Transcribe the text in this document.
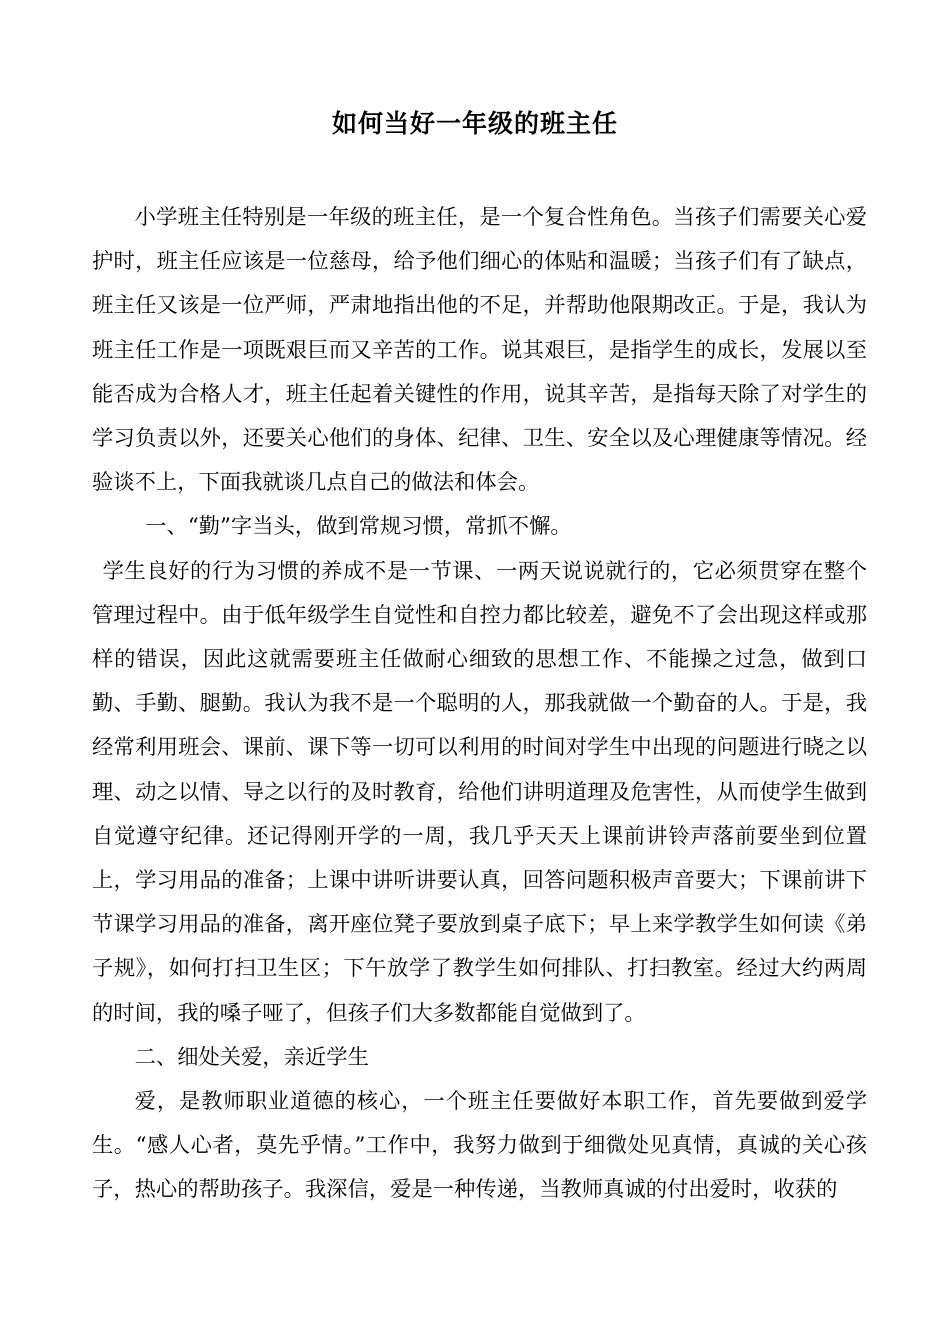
如何当好一年级的班主任

小学班主任特别是一年级的班主任，是一个复合性角色。当孩子们需要关心爱护时，班主任应该是一位慈母，给予他们细心的体贴和温暖；当孩子们有了缺点，班主任又该是一位严师，严肃地指出他的不足，并帮助他限期改正。于是，我认为班主任工作是一项既艰巨而又辛苦的工作。说其艰巨，是指学生的成长，发展以至能否成为合格人才，班主任起着关键性的作用，说其辛苦，是指每天除了对学生的学习负责以外，还要关心他们的身体、纪律、卫生、安全以及心理健康等情况。经验谈不上，下面我就谈几点自己的做法和体会。

一、“勤”字当头，做到常规习惯，常抓不懈。

学生良好的行为习惯的养成不是一节课、一两天说说就行的，它必须贯穿在整个管理过程中。由于低年级学生自觉性和自控力都比较差，避免不了会出现这样或那样的错误，因此这就需要班主任做耐心细致的思想工作、不能操之过急，做到口勤、手勤、腿勤。我认为我不是一个聪明的人，那我就做一个勤奋的人。于是，我经常利用班会、课前、课下等一切可以利用的时间对学生中出现的问题进行晓之以理、动之以情、导之以行的及时教育，给他们讲明道理及危害性，从而使学生做到自觉遵守纪律。还记得刚开学的一周，我几乎天天上课前讲铃声落前要坐到位置上，学习用品的准备；上课中讲听讲要认真，回答问题积极声音要大；下课前讲下节课学习用品的准备，离开座位凳子要放到桌子底下；早上来学教学生如何读《弟子规》，如何打扫卫生区；下午放学了教学生如何排队、打扫教室。经过大约两周的时间，我的嗓子哑了，但孩子们大多数都能自觉做到了。

二、细处关爱，亲近学生

爱，是教师职业道德的核心，一个班主任要做好本职工作，首先要做到爱学生。“感人心者，莫先乎情。”工作中，我努力做到于细微处见真情，真诚的关心孩子，热心的帮助孩子。我深信，爱是一种传递，当教师真诚的付出爱时，收获的
